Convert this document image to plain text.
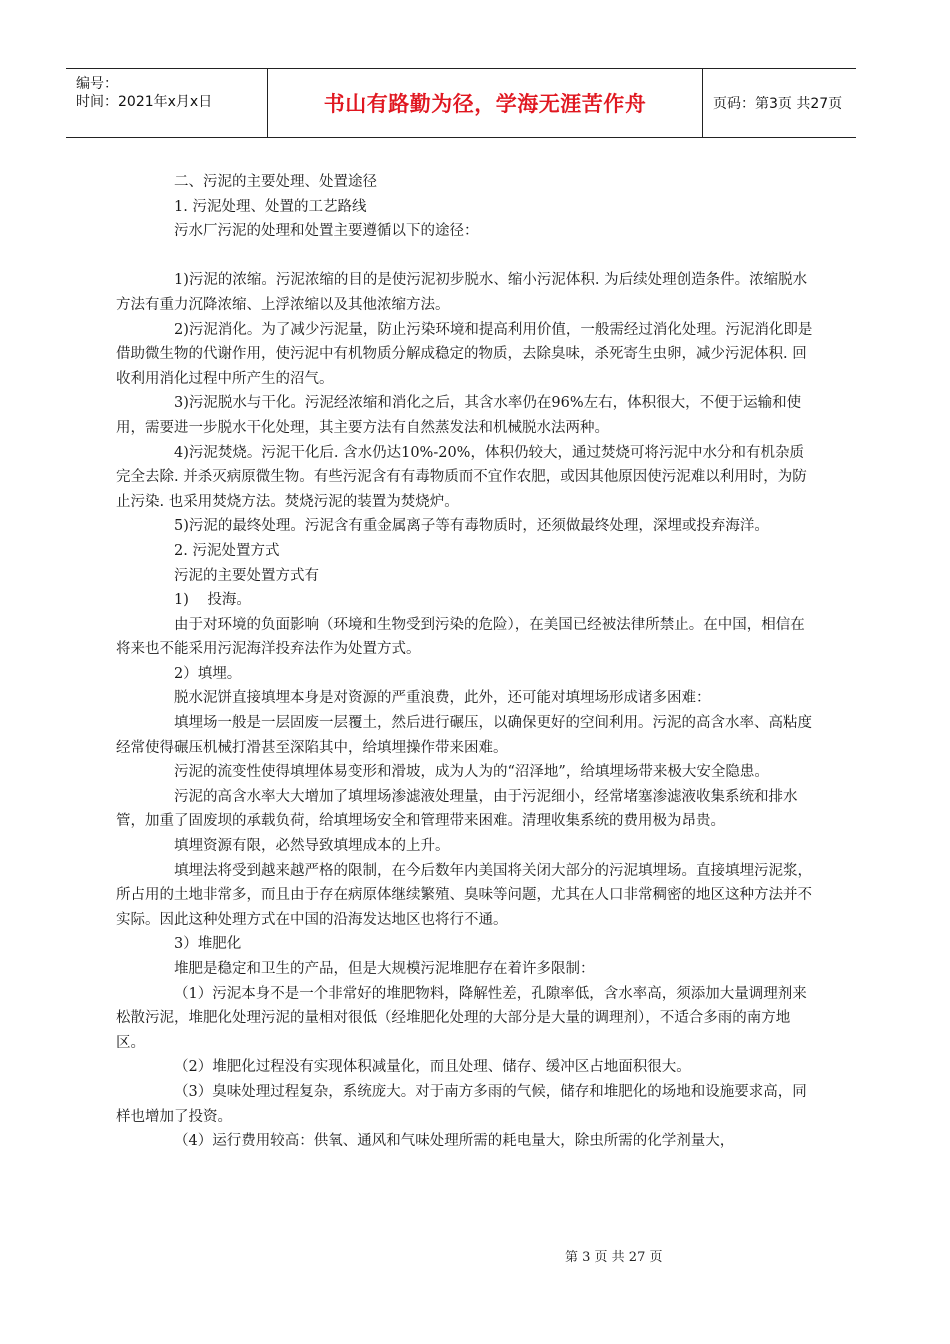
编号：
时间：2021年x月x日	书山有路勤为径，学海无涯苦作舟	页码：第3页 共27页

二、污泥的主要处理、处置途径

1. 污泥处理、处置的工艺路线

污水厂污泥的处理和处置主要遵循以下的途径：

1)污泥的浓缩。污泥浓缩的目的是使污泥初步脱水、缩小污泥体积. 为后续处理创造条件。浓缩脱水方法有重力沉降浓缩、上浮浓缩以及其他浓缩方法。

2)污泥消化。为了减少污泥量，防止污染环境和提高利用价值，一般需经过消化处理。污泥消化即是借助微生物的代谢作用，使污泥中有机物质分解成稳定的物质，去除臭味，杀死寄生虫卵，减少污泥体积. 回收利用消化过程中所产生的沼气。

3)污泥脱水与干化。污泥经浓缩和消化之后，其含水率仍在96%左右，体积很大，不便于运输和使用，需要进一步脱水干化处理，其主要方法有自然蒸发法和机械脱水法两种。

4)污泥焚烧。污泥干化后. 含水仍达10%-20%，体积仍较大，通过焚烧可将污泥中水分和有机杂质完全去除. 并杀灭病原微生物。有些污泥含有有毒物质而不宜作农肥，或因其他原因使污泥难以利用时，为防止污染. 也采用焚烧方法。焚烧污泥的装置为焚烧炉。

5)污泥的最终处理。污泥含有重金属离子等有毒物质时，还须做最终处理，深埋或投弃海洋。

2. 污泥处置方式

污泥的主要处置方式有

1)    投海。

由于对环境的负面影响（环境和生物受到污染的危险），在美国已经被法律所禁止。在中国，相信在将来也不能采用污泥海洋投弃法作为处置方式。

2）填埋。

脱水泥饼直接填埋本身是对资源的严重浪费，此外，还可能对填埋场形成诸多困难：

填埋场一般是一层固废一层覆土，然后进行碾压，以确保更好的空间利用。污泥的高含水率、高粘度经常使得碾压机械打滑甚至深陷其中，给填埋操作带来困难。

污泥的流变性使得填埋体易变形和滑坡，成为人为的“沼泽地”，给填埋场带来极大安全隐患。

污泥的高含水率大大增加了填埋场渗滤液处理量，由于污泥细小，经常堵塞渗滤液收集系统和排水管，加重了固废坝的承载负荷，给填埋场安全和管理带来困难。清理收集系统的费用极为昂贵。

填埋资源有限，必然导致填埋成本的上升。

填埋法将受到越来越严格的限制，在今后数年内美国将关闭大部分的污泥填埋场。直接填埋污泥浆，所占用的土地非常多，而且由于存在病原体继续繁殖、臭味等问题，尤其在人口非常稠密的地区这种方法并不实际。因此这种处理方式在中国的沿海发达地区也将行不通。

3）堆肥化

堆肥是稳定和卫生的产品，但是大规模污泥堆肥存在着许多限制：

（1）污泥本身不是一个非常好的堆肥物料，降解性差，孔隙率低，含水率高，须添加大量调理剂来松散污泥，堆肥化处理污泥的量相对很低（经堆肥化处理的大部分是大量的调理剂），不适合多雨的南方地区。

（2）堆肥化过程没有实现体积减量化，而且处理、储存、缓冲区占地面积很大。

（3）臭味处理过程复杂，系统庞大。对于南方多雨的气候，储存和堆肥化的场地和设施要求高，同样也增加了投资。

（4）运行费用较高：供氧、通风和气味处理所需的耗电量大，除虫所需的化学剂量大，

第 3 页 共 27 页
